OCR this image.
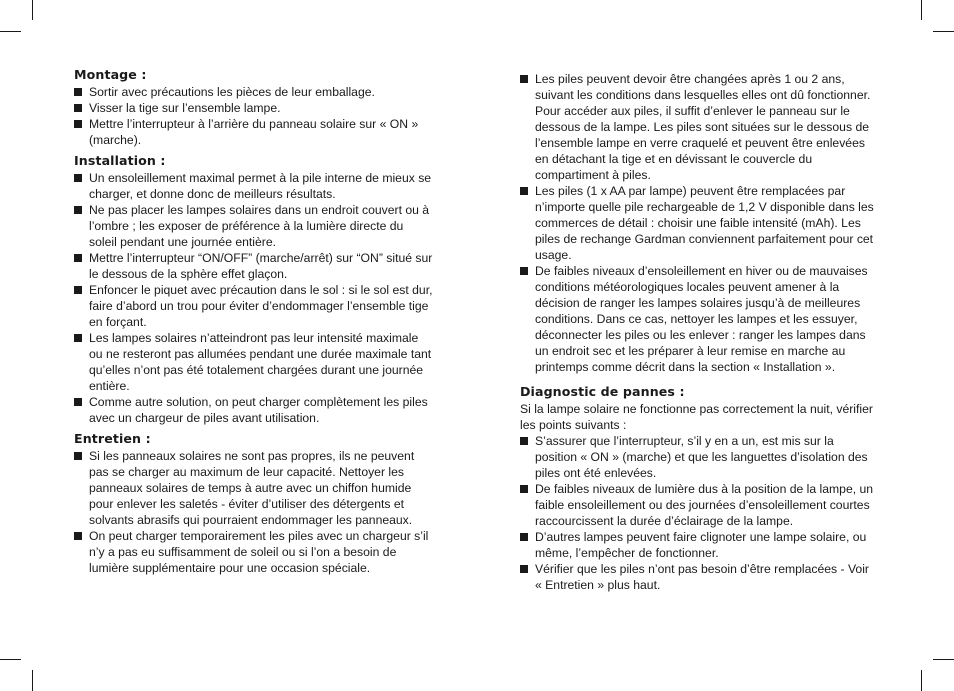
Montage :
Sortir avec précautions les pièces de leur emballage.
Visser la tige sur l’ensemble lampe.
Mettre l’interrupteur à l’arrière du panneau solaire sur « ON » (marche).
Installation :
Un ensoleillement maximal permet à la pile interne de mieux se charger, et donne donc de meilleurs résultats.
Ne pas placer les lampes solaires dans un endroit couvert ou à l’ombre ; les exposer de préférence à la lumière directe du soleil pendant une journée entière.
Mettre l’interrupteur “ON/OFF” (marche/arrêt) sur “ON” situé sur le dessous de la sphère effet glaçon.
Enfoncer le piquet avec précaution dans le sol : si le sol est dur, faire d’abord un trou pour éviter d’endommager l’ensemble tige en forçant.
Les lampes solaires n’atteindront pas leur intensité maximale ou ne resteront pas allumées pendant une durée maximale tant qu’elles n’ont pas été totalement chargées durant une journée entière.
Comme autre solution, on peut charger complètement les piles avec un chargeur de piles avant utilisation.
Entretien :
Si les panneaux solaires ne sont pas propres, ils ne peuvent pas se charger au maximum de leur capacité. Nettoyer les panneaux solaires de temps à autre avec un chiffon humide pour enlever les saletés - éviter d’utiliser des détergents et solvants abrasifs qui pourraient endommager les panneaux.
On peut charger temporairement les piles avec un chargeur s’il n’y a pas eu suffisamment de soleil ou si l’on a besoin de lumière supplémentaire pour une occasion spéciale.
Les piles peuvent devoir être changées après 1 ou 2 ans, suivant les conditions dans lesquelles elles ont dû fonctionner. Pour accéder aux piles, il suffit d’enlever le panneau sur le dessous de la lampe. Les piles sont situées sur le dessous de l’ensemble lampe en verre craquelé et peuvent être enlevées en détachant la tige et en dévissant le couvercle du compartiment à piles.
Les piles (1 x AA par lampe) peuvent être remplacées par n’importe quelle pile rechargeable de 1,2 V disponible dans les commerces de détail : choisir une faible intensité (mAh). Les piles de rechange Gardman conviennent parfaitement pour cet usage.
De faibles niveaux d’ensoleillement en hiver ou de mauvaises conditions météorologiques locales peuvent amener à la décision de ranger les lampes solaires jusqu’à de meilleures conditions. Dans ce cas, nettoyer les lampes et les essuyer, déconnecter les piles ou les enlever : ranger les lampes dans un endroit sec et les préparer à leur remise en marche au printemps comme décrit dans la section « Installation ».
Diagnostic de pannes :

Si la lampe solaire ne fonctionne pas correctement la nuit, vérifier les points suivants :

S’assurer que l’interrupteur, s’il y en a un, est mis sur la position « ON » (marche) et que les languettes d’isolation des piles ont été enlevées.
De faibles niveaux de lumière dus à la position de la lampe, un faible ensoleillement ou des journées d’ensoleillement courtes raccourcissent la durée d’éclairage de la lampe.
D’autres lampes peuvent faire clignoter une lampe solaire, ou même, l’empêcher de fonctionner.
Vérifier que les piles n’ont pas besoin d’être remplacées - Voir « Entretien » plus haut.
